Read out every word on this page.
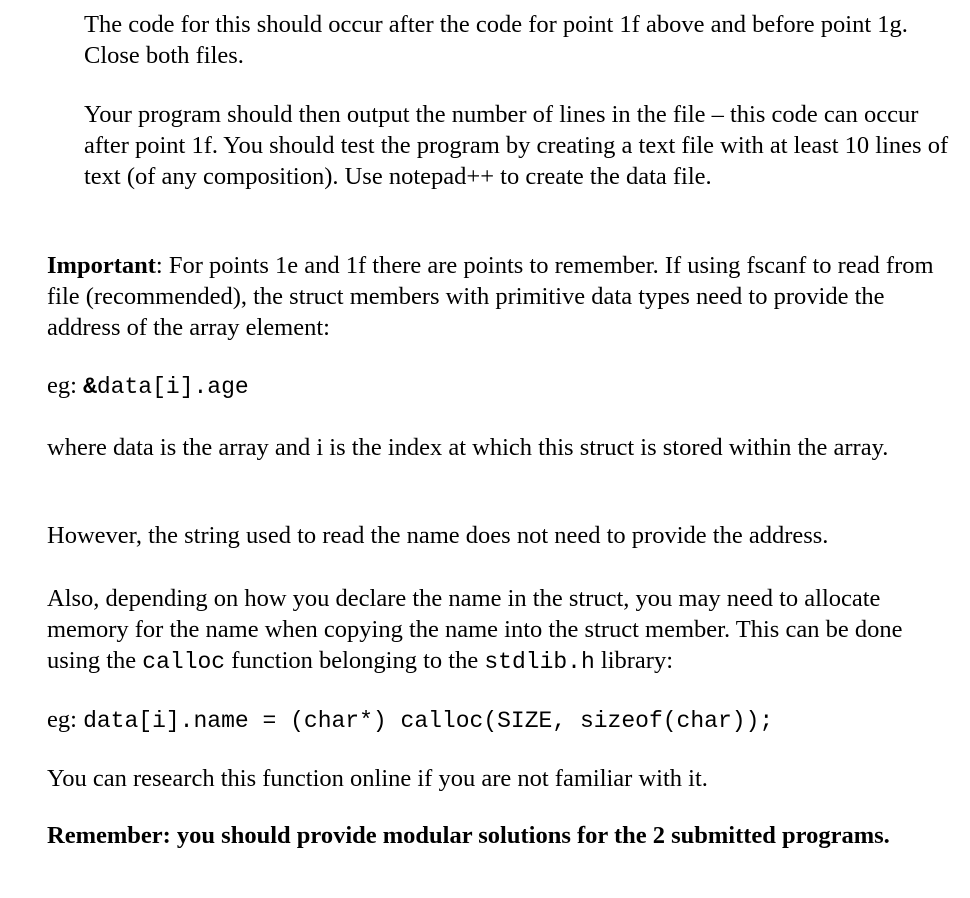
The code for this should occur after the code for point 1f above and before point 1g. Close both files.

Your program should then output the number of lines in the file – this code can occur after point 1f. You should test the program by creating a text file with at least 10 lines of text (of any composition). Use notepad++ to create the data file.

Important: For points 1e and 1f there are points to remember. If using fscanf to read from file (recommended), the struct members with primitive data types need to provide the address of the array element:

eg: &data[i].age

where data is the array and i is the index at which this struct is stored within the array.

However, the string used to read the name does not need to provide the address.

Also, depending on how you declare the name in the struct, you may need to allocate memory for the name when copying the name into the struct member. This can be done using the calloc function belonging to the stdlib.h library:

eg: data[i].name = (char*) calloc(SIZE, sizeof(char));

You can research this function online if you are not familiar with it.

Remember: you should provide modular solutions for the 2 submitted programs.
